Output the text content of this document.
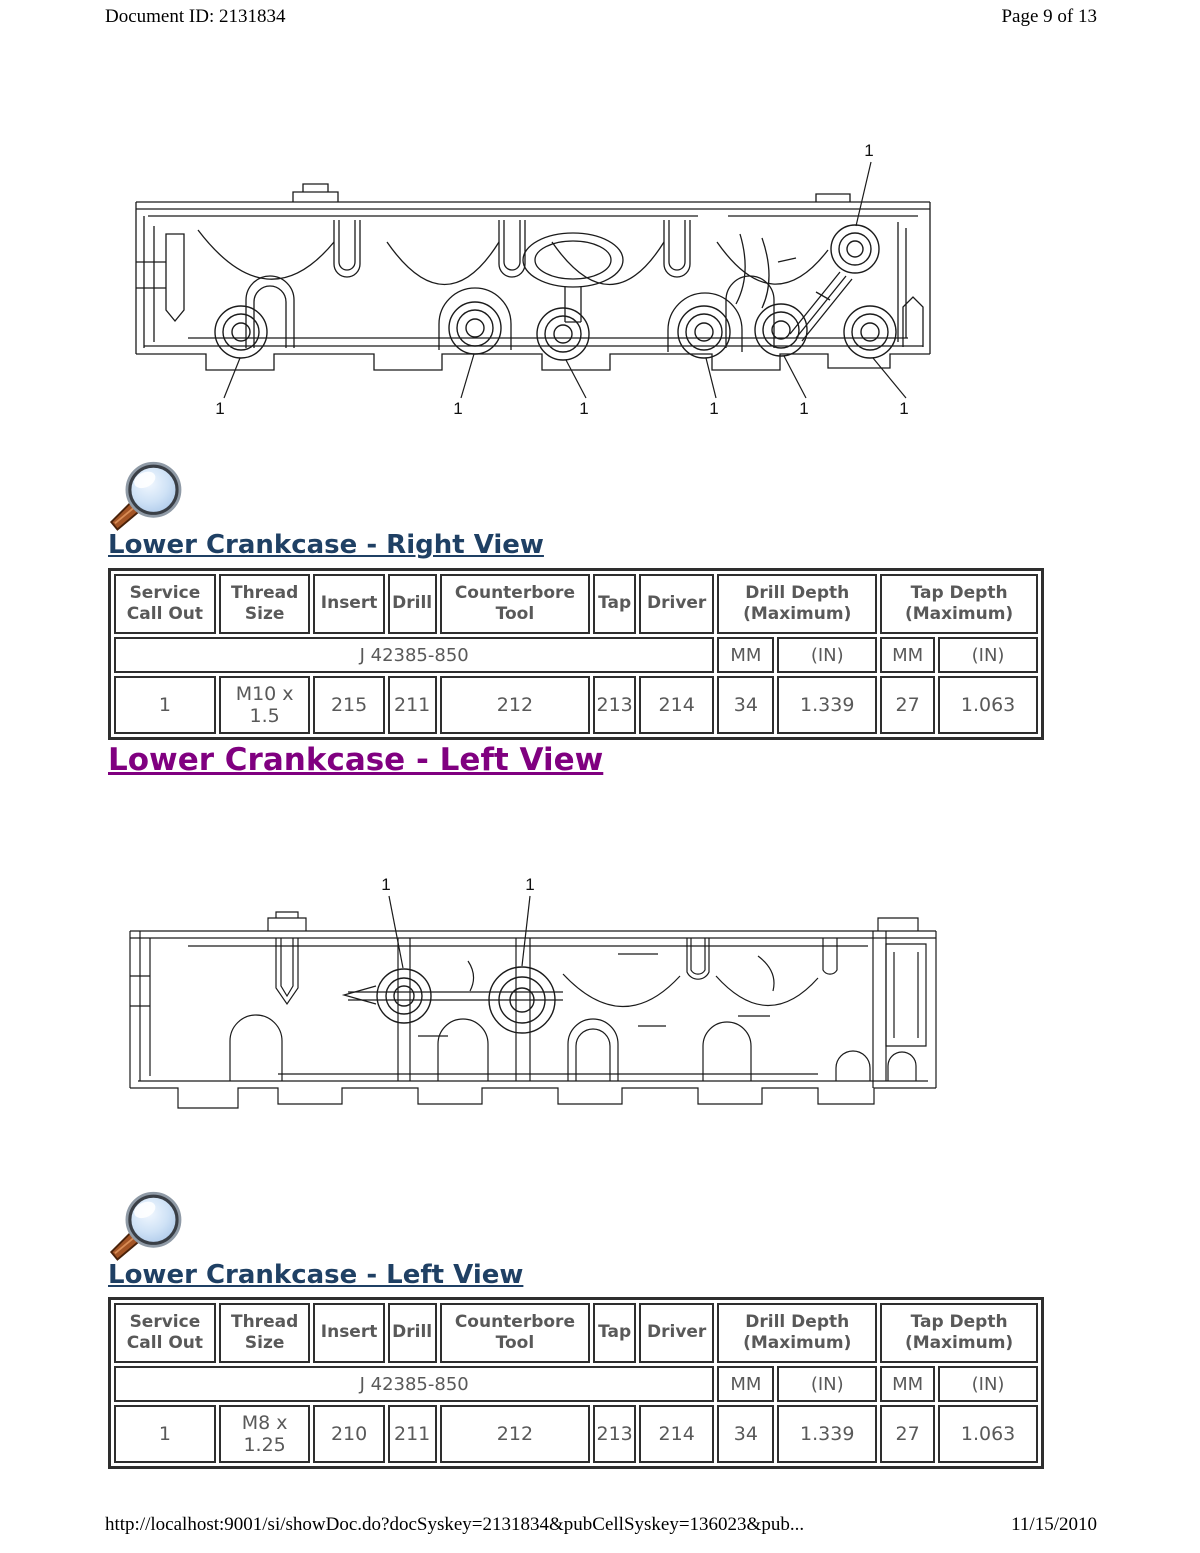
Document ID: 2131834	Page 9 of 13
1	1	1	1	1	1
1
Lower Crankcase - Right View
Service Call Out	Thread Size	Insert	Drill	Counterbore Tool	Tap	Driver	Drill Depth (Maximum)		Tap Depth (Maximum)	
J 42385-850							MM	(IN)	MM	(IN)
1	M10 x 1.5	215	211	212	213	214	34	1.339	27	1.063
Lower Crankcase - Left View
1	1
Lower Crankcase - Left View
Service Call Out	Thread Size	Insert	Drill	Counterbore Tool	Tap	Driver	Drill Depth (Maximum)		Tap Depth (Maximum)	
J 42385-850							MM	(IN)	MM	(IN)
1	M8 x 1.25	210	211	212	213	214	34	1.339	27	1.063
http://localhost:9001/si/showDoc.do?docSyskey=2131834&pubCellSyskey=136023&pub...	11/15/2010
